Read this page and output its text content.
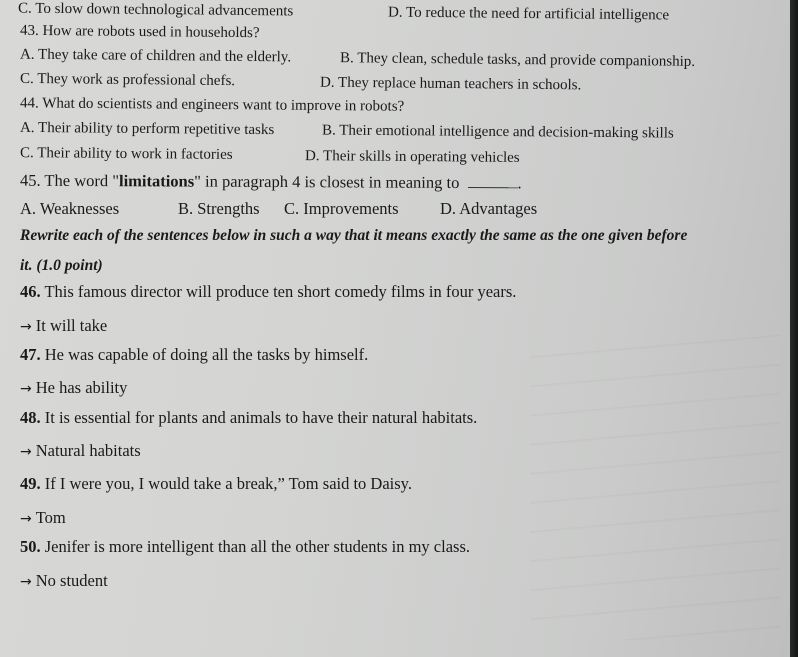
C. To slow down technological advancements	D. To reduce the need for artificial intelligence
43. How are robots used in households?
A. They take care of children and the elderly.	B. They clean, schedule tasks, and provide companionship.
C. They work as professional chefs.	D. They replace human teachers in schools.
44. What do scientists and engineers want to improve in robots?
A. Their ability to perform repetitive tasks	B. Their emotional intelligence and decision-making skills
C. Their ability to work in factories	D. Their skills in operating vehicles
45. The word "limitations" in paragraph 4 is closest in meaning to	.
A. Weaknesses	B. Strengths C. Improvements	D. Advantages
Rewrite each of the sentences below in such a way that it means exactly the same as the one given before
it. (1.0 point)
46. This famous director will produce ten short comedy films in four years.
→ It will take
47. He was capable of doing all the tasks by himself.
→ He has ability
48. It is essential for plants and animals to have their natural habitats.
→ Natural habitats
49. If I were you, I would take a break,” Tom said to Daisy.
→ Tom
50. Jenifer is more intelligent than all the other students in my class.
→ No student
